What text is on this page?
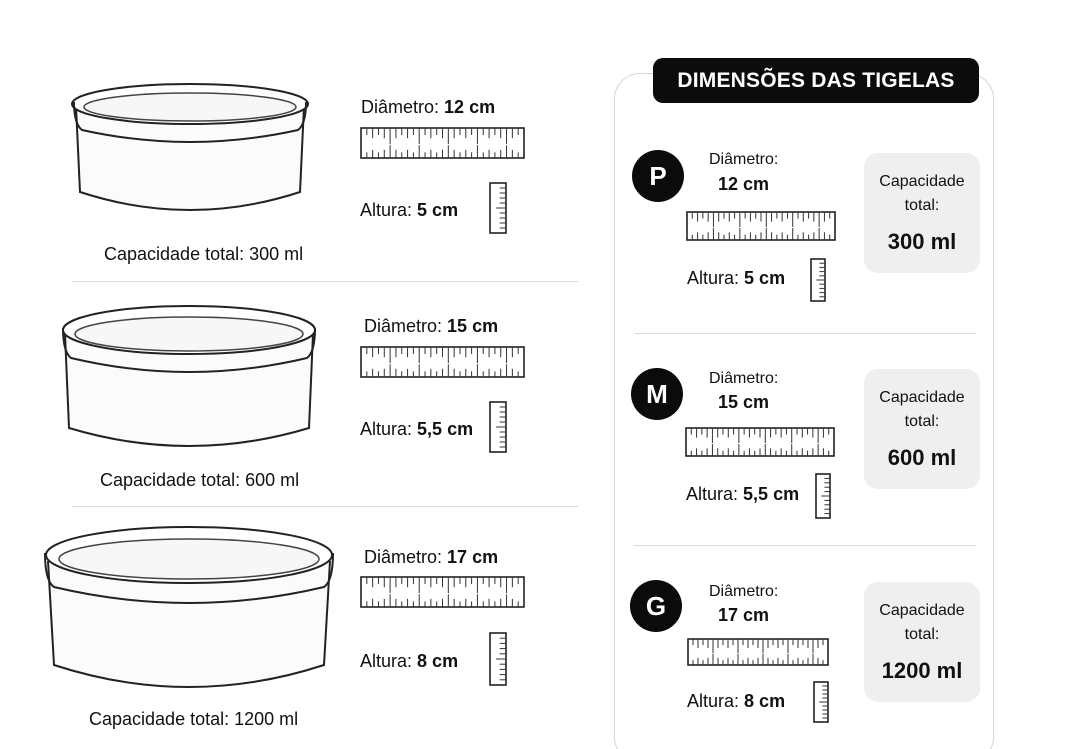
Diâmetro: 12 cm
Altura: 5 cm
Capacidade total: 300 ml
Diâmetro: 15 cm
Altura: 5,5 cm
Capacidade total: 600 ml
Diâmetro: 17 cm
Altura: 8 cm
Capacidade total: 1200 ml
DIMENSÕES DAS TIGELAS
P
Diâmetro:
12 cm
Altura: 5 cm
Capacidade
total:
300 ml
M	Diâmetro:
15 cm
Altura: 5,5 cm
Capacidade
total:
600 ml
G	Diâmetro:
17 cm
Altura: 8 cm
Capacidade
total:
1200 ml
